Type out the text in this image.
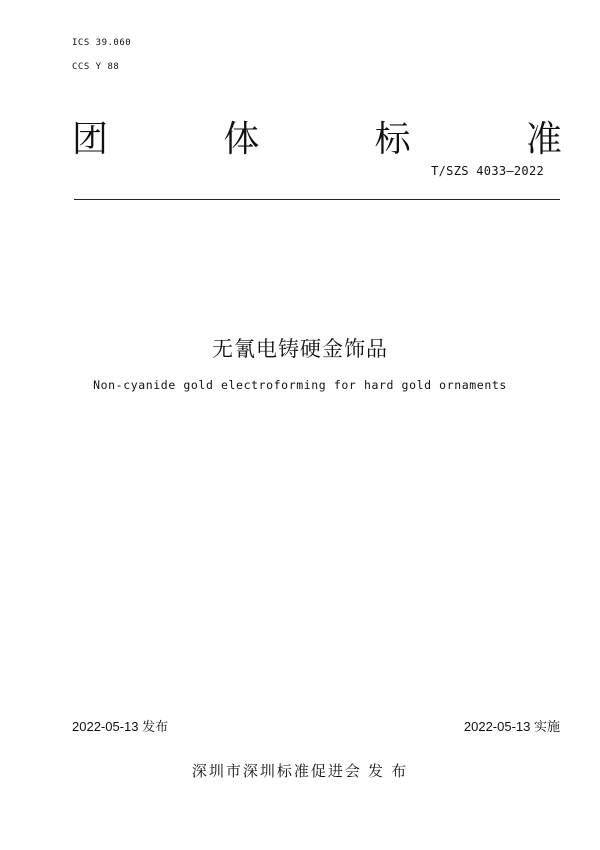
ICS 39.060
CCS Y 88
团	体	标	准
T/SZS 4033—2022
无氰电铸硬金饰品
Non-cyanide gold electroforming for hard gold ornaments
2022-05-13 发布	2022-05-13 实施
深圳市深圳标准促进会 发 布
